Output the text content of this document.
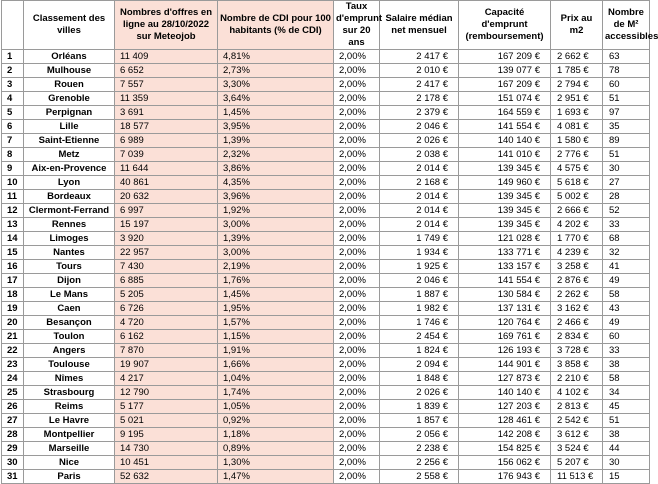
	Classement des villes	Nombres d'offres en ligne au 28/10/2022 sur Meteojob	Nombre de CDI pour 100 habitants (% de CDI)	Taux d'emprunt sur 20 ans	Salaire médian net mensuel	Capacité d'emprunt (remboursement)	Prix au m2	Nombre de M² accessibles
1	Orléans	11 409	4,81%	2,00%	2 417 €	167 209 €	2 662 €	63
2	Mulhouse	6 652	2,73%	2,00%	2 010 €	139 077 €	1 785 €	78
3	Rouen	7 557	3,30%	2,00%	2 417 €	167 209 €	2 794 €	60
4	Grenoble	11 359	3,64%	2,00%	2 178 €	151 074 €	2 951 €	51
5	Perpignan	3 691	1,45%	2,00%	2 379 €	164 559 €	1 693 €	97
6	Lille	18 577	3,95%	2,00%	2 046 €	141 554 €	4 081 €	35
7	Saint-Etienne	6 989	1,39%	2,00%	2 026 €	140 140 €	1 580 €	89
8	Metz	7 039	2,32%	2,00%	2 038 €	141 010 €	2 776 €	51
9	Aix-en-Provence	11 644	3,86%	2,00%	2 014 €	139 345 €	4 575 €	30
10	Lyon	40 861	4,35%	2,00%	2 168 €	149 960 €	5 618 €	27
11	Bordeaux	20 632	3,96%	2,00%	2 014 €	139 345 €	5 002 €	28
12	Clermont-Ferrand	6 997	1,92%	2,00%	2 014 €	139 345 €	2 666 €	52
13	Rennes	15 197	3,00%	2,00%	2 014 €	139 345 €	4 202 €	33
14	Limoges	3 920	1,39%	2,00%	1 749 €	121 028 €	1 770 €	68
15	Nantes	22 957	3,00%	2,00%	1 934 €	133 771 €	4 239 €	32
16	Tours	7 430	2,19%	2,00%	1 925 €	133 157 €	3 258 €	41
17	Dijon	6 885	1,76%	2,00%	2 046 €	141 554 €	2 876 €	49
18	Le Mans	5 205	1,45%	2,00%	1 887 €	130 584 €	2 262 €	58
19	Caen	6 726	1,95%	2,00%	1 982 €	137 131 €	3 162 €	43
20	Besançon	4 720	1,57%	2,00%	1 746 €	120 764 €	2 466 €	49
21	Toulon	6 162	1,15%	2,00%	2 454 €	169 761 €	2 834 €	60
22	Angers	7 870	1,91%	2,00%	1 824 €	126 193 €	3 728 €	33
23	Toulouse	19 907	1,66%	2,00%	2 094 €	144 901 €	3 858 €	38
24	Nîmes	4 217	1,04%	2,00%	1 848 €	127 873 €	2 210 €	58
25	Strasbourg	12 790	1,74%	2,00%	2 026 €	140 140 €	4 102 €	34
26	Reims	5 177	1,05%	2,00%	1 839 €	127 203 €	2 813 €	45
27	Le Havre	5 021	0,92%	2,00%	1 857 €	128 461 €	2 542 €	51
28	Montpellier	9 195	1,18%	2,00%	2 056 €	142 208 €	3 612 €	38
29	Marseille	14 730	0,89%	2,00%	2 238 €	154 825 €	3 524 €	44
30	Nice	10 451	1,30%	2,00%	2 256 €	156 062 €	5 207 €	30
31	Paris	52 632	1,47%	2,00%	2 558 €	176 943 €	11 513 €	15
